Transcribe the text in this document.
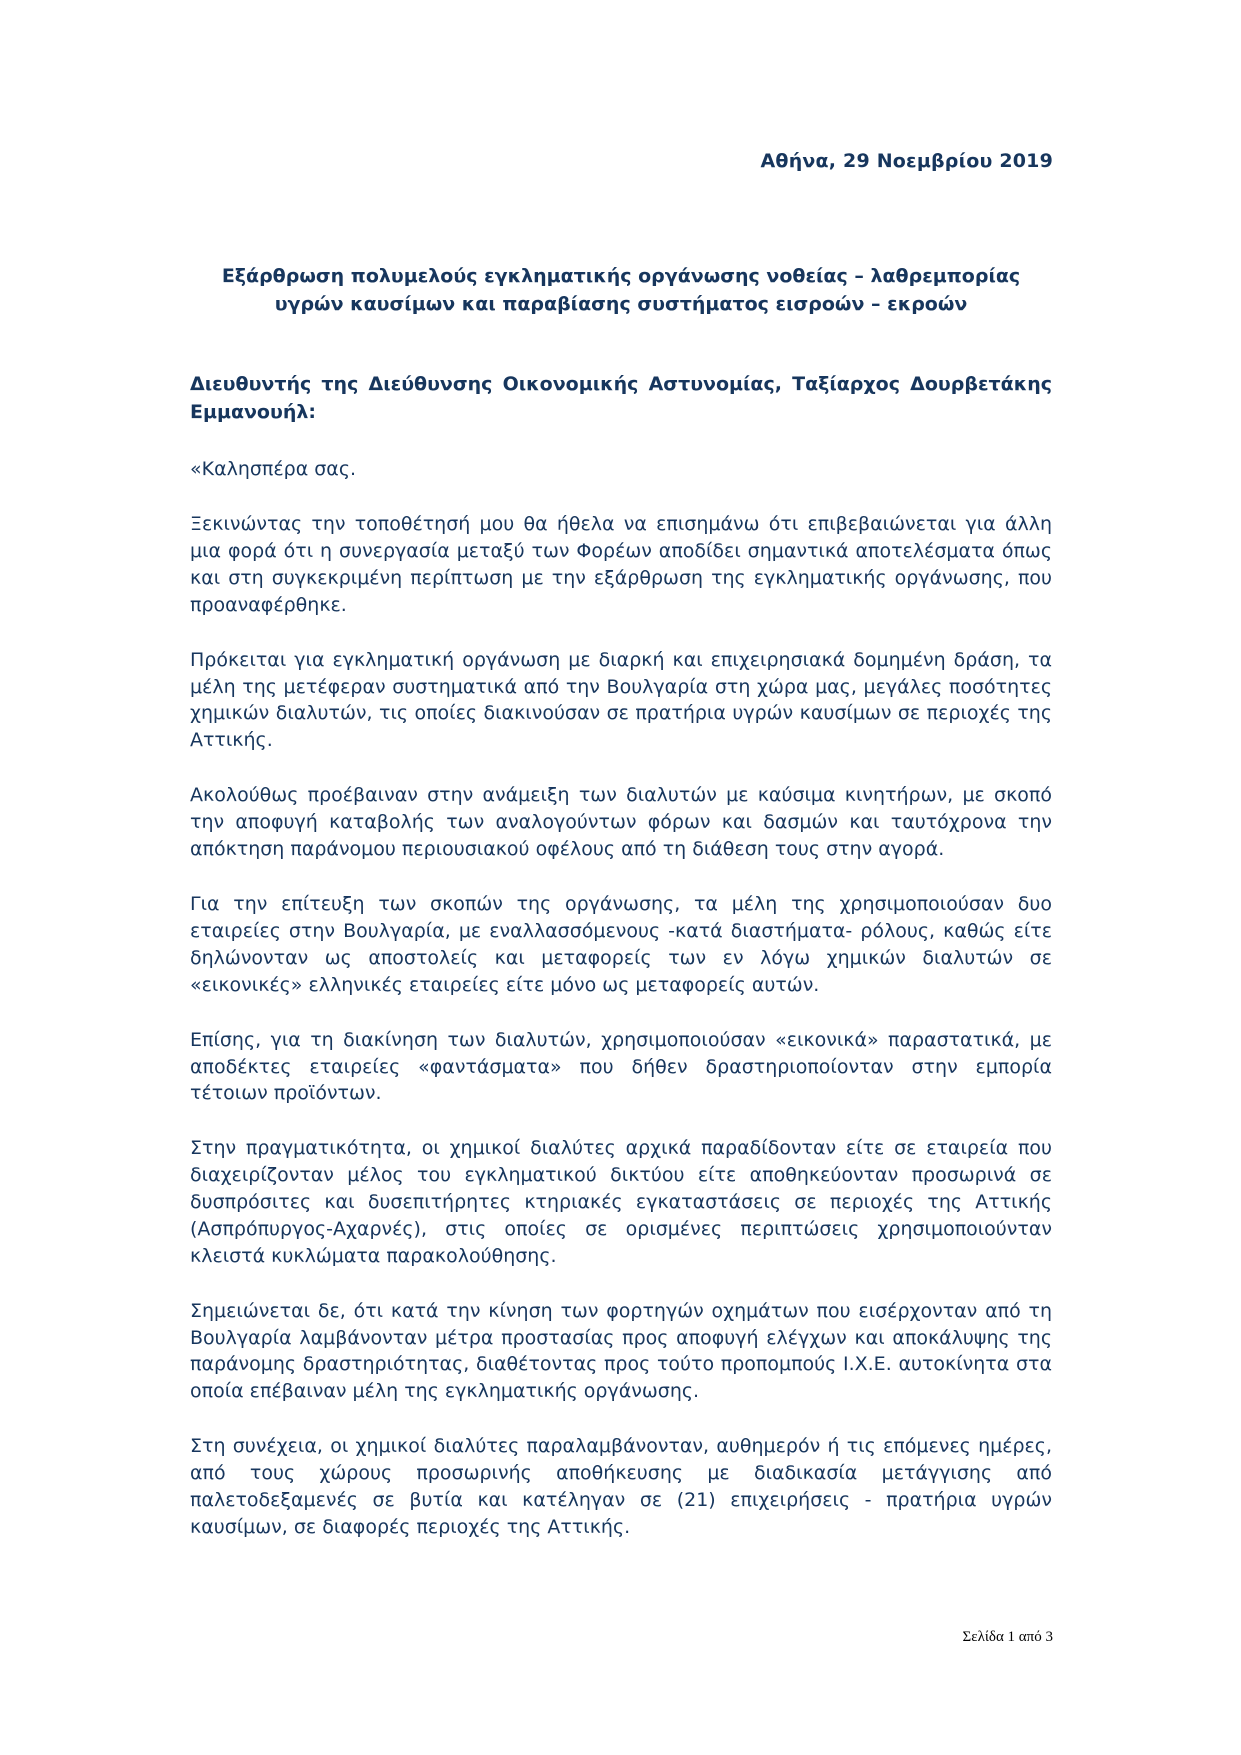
Αθήνα, 29 Νοεμβρίου 2019
Εξάρθρωση πολυμελούς εγκληματικής οργάνωσης νοθείας – λαθρεμπορίας
υγρών καυσίμων και παραβίασης συστήματος εισροών – εκροών

Διευθυντής της Διεύθυνσης Οικονομικής Αστυνομίας, Ταξίαρχος Δουρβετάκης Εμμανουήλ:

«Καλησπέρα σας.

Ξεκινώντας την τοποθέτησή μου θα ήθελα να επισημάνω ότι επιβεβαιώνεται για άλλη μια φορά ότι η συνεργασία μεταξύ των Φορέων αποδίδει σημαντικά αποτελέσματα όπως και στη συγκεκριμένη περίπτωση με την εξάρθρωση της εγκληματικής οργάνωσης, που προαναφέρθηκε.

Πρόκειται για εγκληματική οργάνωση με διαρκή και επιχειρησιακά δομημένη δράση, τα μέλη της μετέφεραν συστηματικά από την Βουλγαρία στη χώρα μας, μεγάλες ποσότητες χημικών διαλυτών, τις οποίες διακινούσαν σε πρατήρια υγρών καυσίμων σε περιοχές της Αττικής.

Ακολούθως προέβαιναν στην ανάμειξη των διαλυτών με καύσιμα κινητήρων, με σκοπό την αποφυγή καταβολής των αναλογούντων φόρων και δασμών και ταυτόχρονα την απόκτηση παράνομου περιουσιακού οφέλους από τη διάθεση τους στην αγορά.

Για την επίτευξη των σκοπών της οργάνωσης, τα μέλη της χρησιμοποιούσαν δυο εταιρείες στην Βουλγαρία, με εναλλασσόμενους -κατά διαστήματα- ρόλους, καθώς είτε δηλώνονταν ως αποστολείς και μεταφορείς των εν λόγω χημικών διαλυτών σε «εικονικές» ελληνικές εταιρείες είτε μόνο ως μεταφορείς αυτών.

Επίσης, για τη διακίνηση των διαλυτών, χρησιμοποιούσαν «εικονικά» παραστατικά, με αποδέκτες εταιρείες «φαντάσματα» που δήθεν δραστηριοποίονταν στην εμπορία τέτοιων προϊόντων.

Στην πραγματικότητα, οι χημικοί διαλύτες αρχικά παραδίδονταν είτε σε εταιρεία που διαχειρίζονταν μέλος του εγκληματικού δικτύου είτε αποθηκεύονταν προσωρινά σε δυσπρόσιτες και δυσεπιτήρητες κτηριακές εγκαταστάσεις σε περιοχές της Αττικής (Ασπρόπυργος-Αχαρνές), στις οποίες σε ορισμένες περιπτώσεις χρησιμοποιούνταν κλειστά κυκλώματα παρακολούθησης.

Σημειώνεται δε, ότι κατά την κίνηση των φορτηγών οχημάτων που εισέρχονταν από τη Βουλγαρία λαμβάνονταν μέτρα προστασίας προς αποφυγή ελέγχων και αποκάλυψης της παράνομης δραστηριότητας, διαθέτοντας προς τούτο προπομπούς Ι.Χ.Ε. αυτοκίνητα στα οποία επέβαιναν μέλη της εγκληματικής οργάνωσης.

Στη συνέχεια, οι χημικοί διαλύτες παραλαμβάνονταν, αυθημερόν ή τις επόμενες ημέρες, από τους χώρους προσωρινής αποθήκευσης με διαδικασία μετάγγισης από παλετοδεξαμενές σε βυτία και κατέληγαν σε (21) επιχειρήσεις - πρατήρια υγρών καυσίμων, σε διαφορές περιοχές της Αττικής.

Σελίδα 1 από 3
